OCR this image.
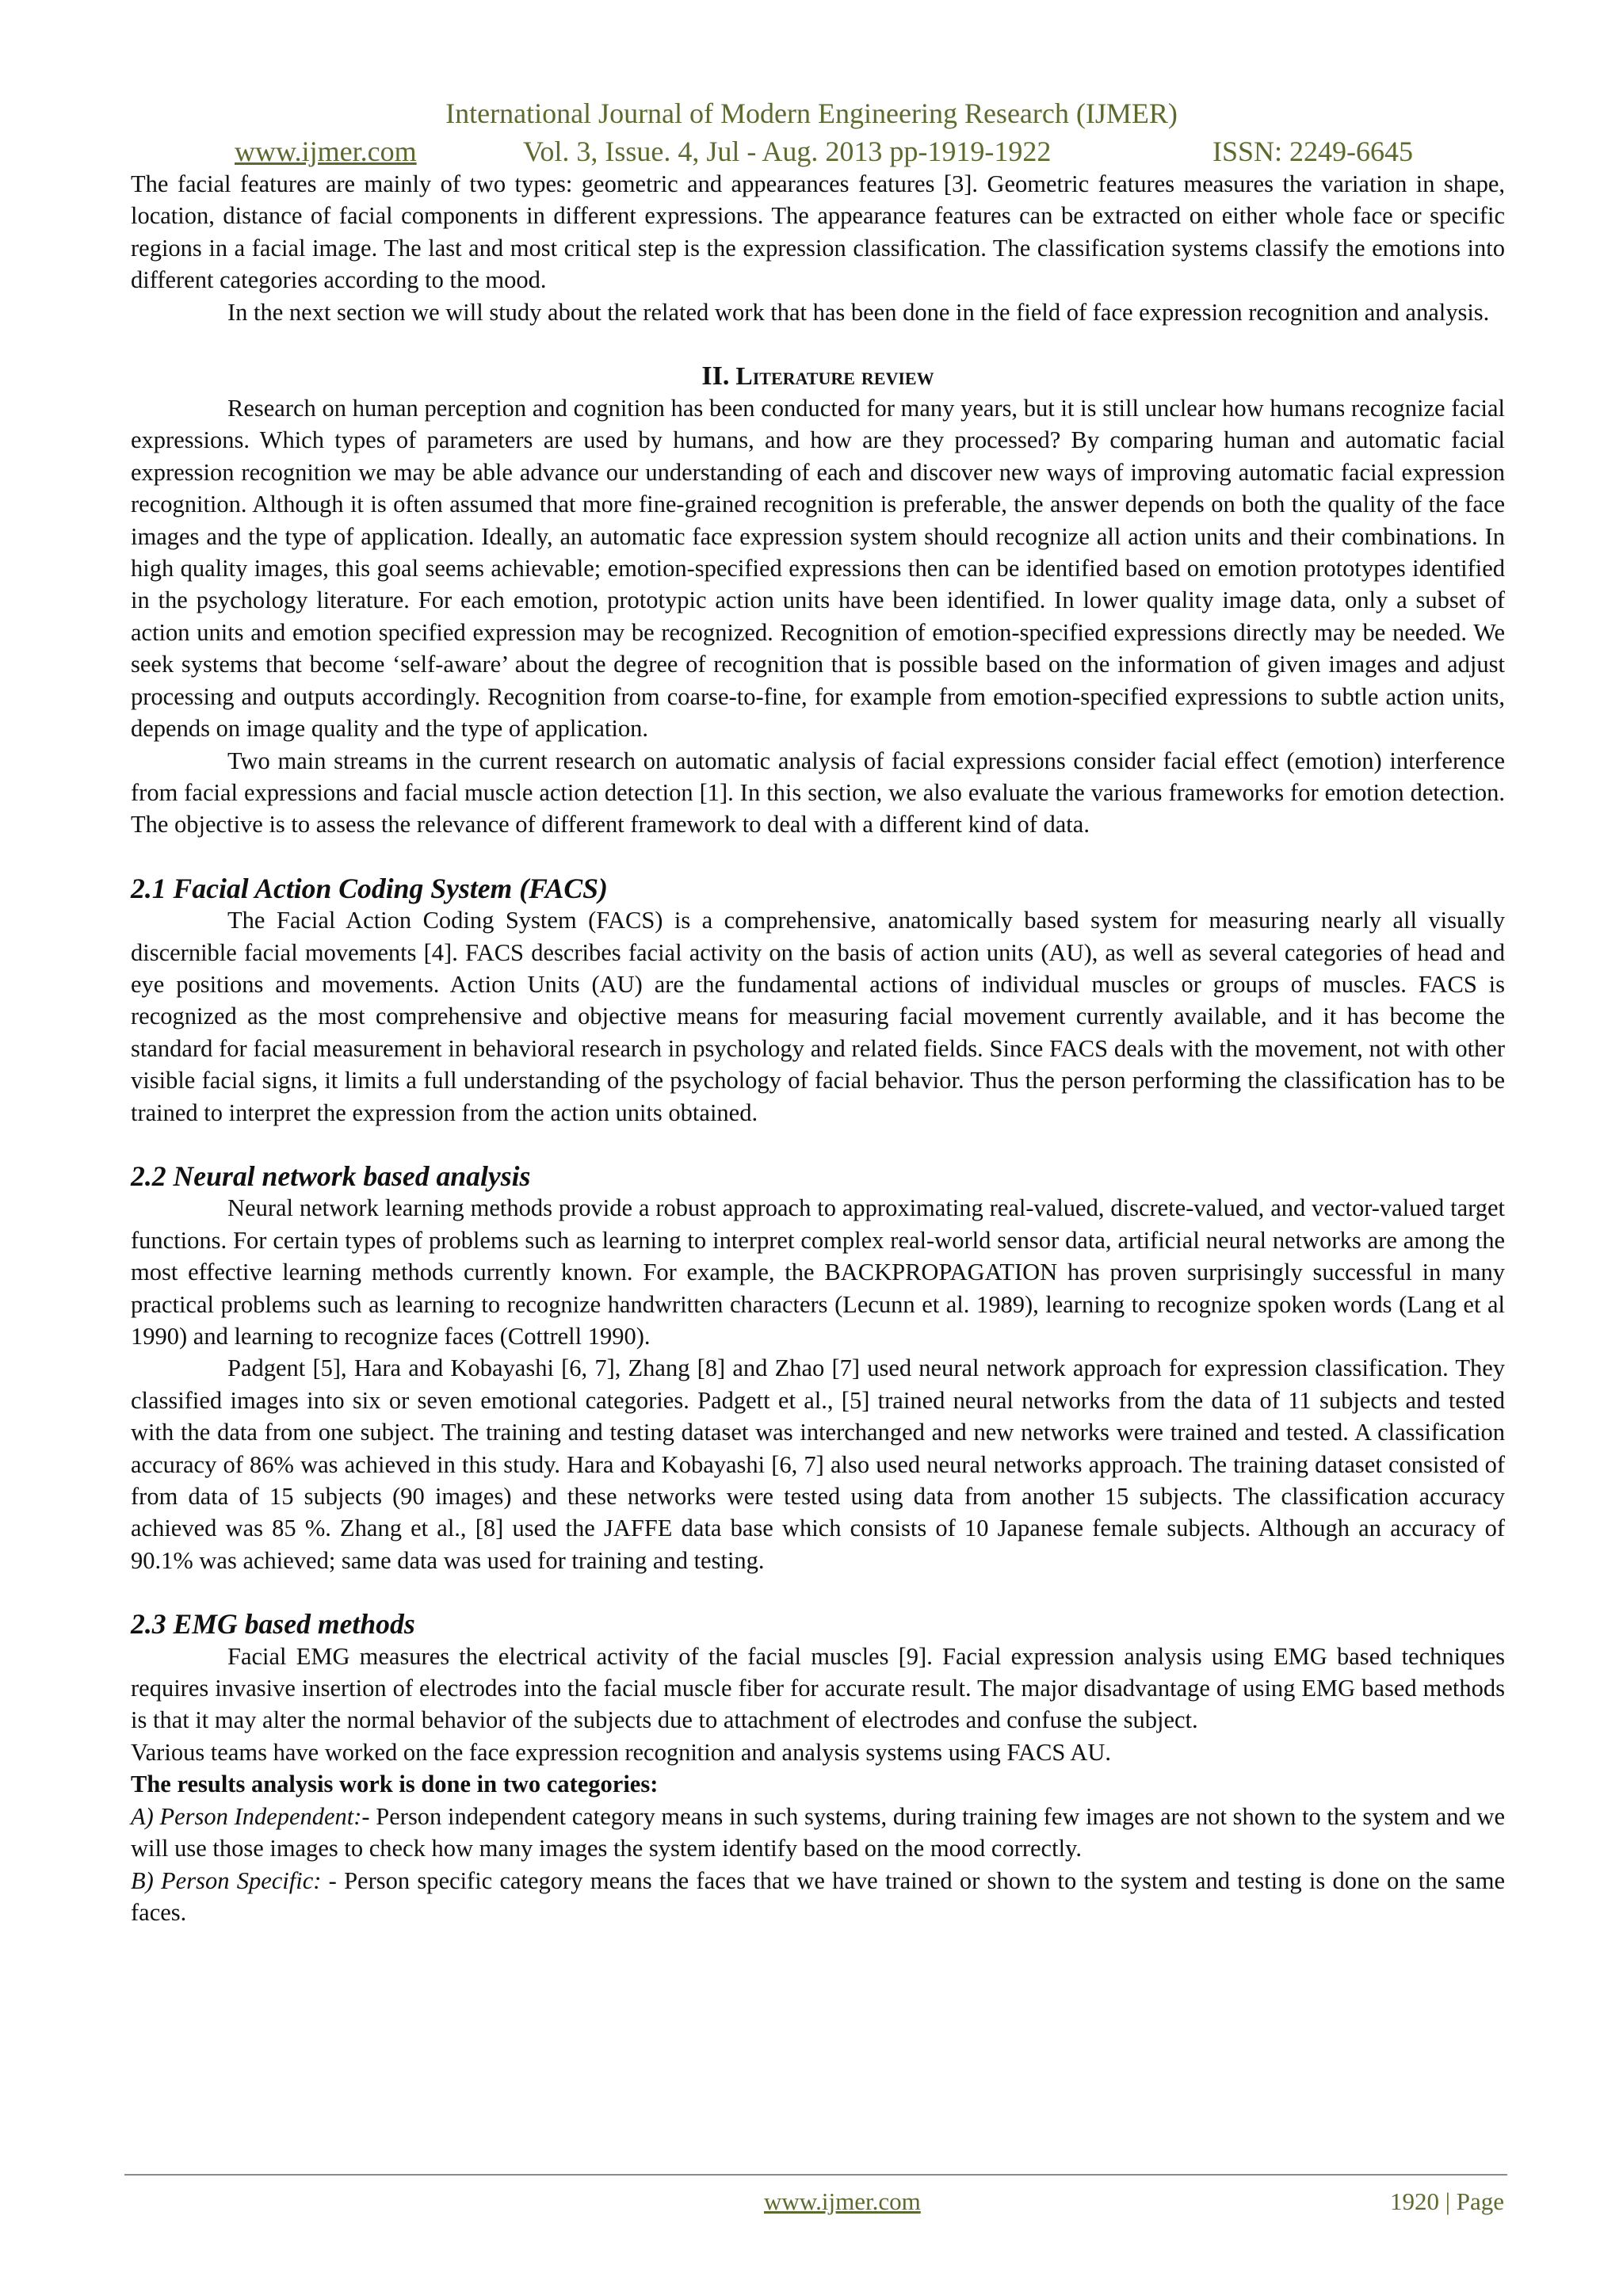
International Journal of Modern Engineering Research (IJMER)
www.ijmer.com	Vol. 3, Issue. 4, Jul - Aug. 2013 pp-1919-1922	ISSN: 2249-6645

The facial features are mainly of two types: geometric and appearances features [3]. Geometric features measures the variation in shape, location, distance of facial components in different expressions. The appearance features can be extracted on either whole face or specific regions in a facial image. The last and most critical step is the expression classification. The classification systems classify the emotions into different categories according to the mood.

In the next section we will study about the related work that has been done in the field of face expression recognition and analysis.

II. Literature review

Research on human perception and cognition has been conducted for many years, but it is still unclear how humans recognize facial expressions. Which types of parameters are used by humans, and how are they processed? By comparing human and automatic facial expression recognition we may be able advance our understanding of each and discover new ways of improving automatic facial expression recognition. Although it is often assumed that more fine-grained recognition is preferable, the answer depends on both the quality of the face images and the type of application. Ideally, an automatic face expression system should recognize all action units and their combinations. In high quality images, this goal seems achievable; emotion-specified expressions then can be identified based on emotion prototypes identified in the psychology literature. For each emotion, prototypic action units have been identified. In lower quality image data, only a subset of action units and emotion specified expression may be recognized. Recognition of emotion-specified expressions directly may be needed. We seek systems that become ‘self-aware’ about the degree of recognition that is possible based on the information of given images and adjust processing and outputs accordingly. Recognition from coarse-to-fine, for example from emotion-specified expressions to subtle action units, depends on image quality and the type of application.

Two main streams in the current research on automatic analysis of facial expressions consider facial effect (emotion) interference from facial expressions and facial muscle action detection [1]. In this section, we also evaluate the various frameworks for emotion detection. The objective is to assess the relevance of different framework to deal with a different kind of data.

2.1 Facial Action Coding System (FACS)

The Facial Action Coding System (FACS) is a comprehensive, anatomically based system for measuring nearly all visually discernible facial movements [4]. FACS describes facial activity on the basis of action units (AU), as well as several categories of head and eye positions and movements. Action Units (AU) are the fundamental actions of individual muscles or groups of muscles. FACS is recognized as the most comprehensive and objective means for measuring facial movement currently available, and it has become the standard for facial measurement in behavioral research in psychology and related fields. Since FACS deals with the movement, not with other visible facial signs, it limits a full understanding of the psychology of facial behavior. Thus the person performing the classification has to be trained to interpret the expression from the action units obtained.

2.2 Neural network based analysis

Neural network learning methods provide a robust approach to approximating real-valued, discrete-valued, and vector-valued target functions. For certain types of problems such as learning to interpret complex real-world sensor data, artificial neural networks are among the most effective learning methods currently known. For example, the BACKPROPAGATION has proven surprisingly successful in many practical problems such as learning to recognize handwritten characters (Lecunn et al. 1989), learning to recognize spoken words (Lang et al 1990) and learning to recognize faces (Cottrell 1990).

Padgent [5], Hara and Kobayashi [6, 7], Zhang [8] and Zhao [7] used neural network approach for expression classification. They classified images into six or seven emotional categories. Padgett et al., [5] trained neural networks from the data of 11 subjects and tested with the data from one subject. The training and testing dataset was interchanged and new networks were trained and tested. A classification accuracy of 86% was achieved in this study. Hara and Kobayashi [6, 7] also used neural networks approach. The training dataset consisted of from data of 15 subjects (90 images) and these networks were tested using data from another 15 subjects. The classification accuracy achieved was 85 %. Zhang et al., [8] used the JAFFE data base which consists of 10 Japanese female subjects. Although an accuracy of 90.1% was achieved; same data was used for training and testing.

2.3 EMG based methods

Facial EMG measures the electrical activity of the facial muscles [9]. Facial expression analysis using EMG based techniques requires invasive insertion of electrodes into the facial muscle fiber for accurate result. The major disadvantage of using EMG based methods is that it may alter the normal behavior of the subjects due to attachment of electrodes and confuse the subject.

Various teams have worked on the face expression recognition and analysis systems using FACS AU.

The results analysis work is done in two categories:

A) Person Independent:- Person independent category means in such systems, during training few images are not shown to the system and we will use those images to check how many images the system identify based on the mood correctly.

B) Person Specific: - Person specific category means the faces that we have trained or shown to the system and testing is done on the same faces.

www.ijmer.com	1920 | Page
